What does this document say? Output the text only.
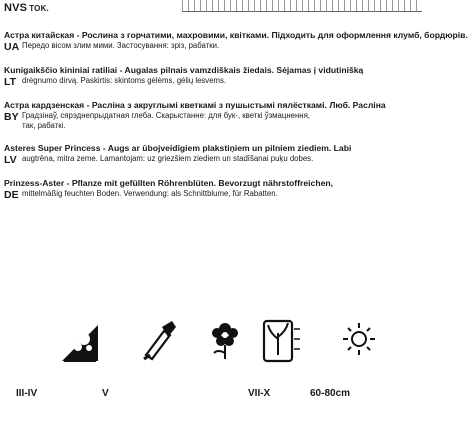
NVS TOK.
Астра китайская - Рослина з горчатими, махровими, квітками. Підходить для оформлення клумб, бордюрів.
UA Передо вісом злим мими. Застосування: зріз, рабатки.
Kunigaikščio kininiai ratiliai - Augalas pilnais vamzdiškais žiedais. Sėjamas į vidutinišką
LT drėgnumo dirvą. Paskirtis: skintoms gėlėms, gėlių lesvems.
Астра кардзенская - Расліна з акруглымі кветкамі з пушыстымі пялёсткамі. Люб. Расліна
BY Градзінаў, сярэднепрыдатная глеба. Скарыстанне: для бук-, кветкі ўзмацнення,
так, рабаткі.
Asteres Super Princess - Augs ar ūbojveidīgiem plakstiņiem un pilniem ziediem. Labi
LV augtrēna, mitra zeme. Lamantojam: uz griezšiem ziediem un stadīšanai puķu dobes.
Prinzess-Aster - Pflanze mit gefüllten Röhrenblüten. Bevorzugt nährstoffreichen,
DE mittelmäßig feuchten Boden. Verwendung: als Schnittblume, für Rabatten.
III-IV	V	VII-X	60-80cm
